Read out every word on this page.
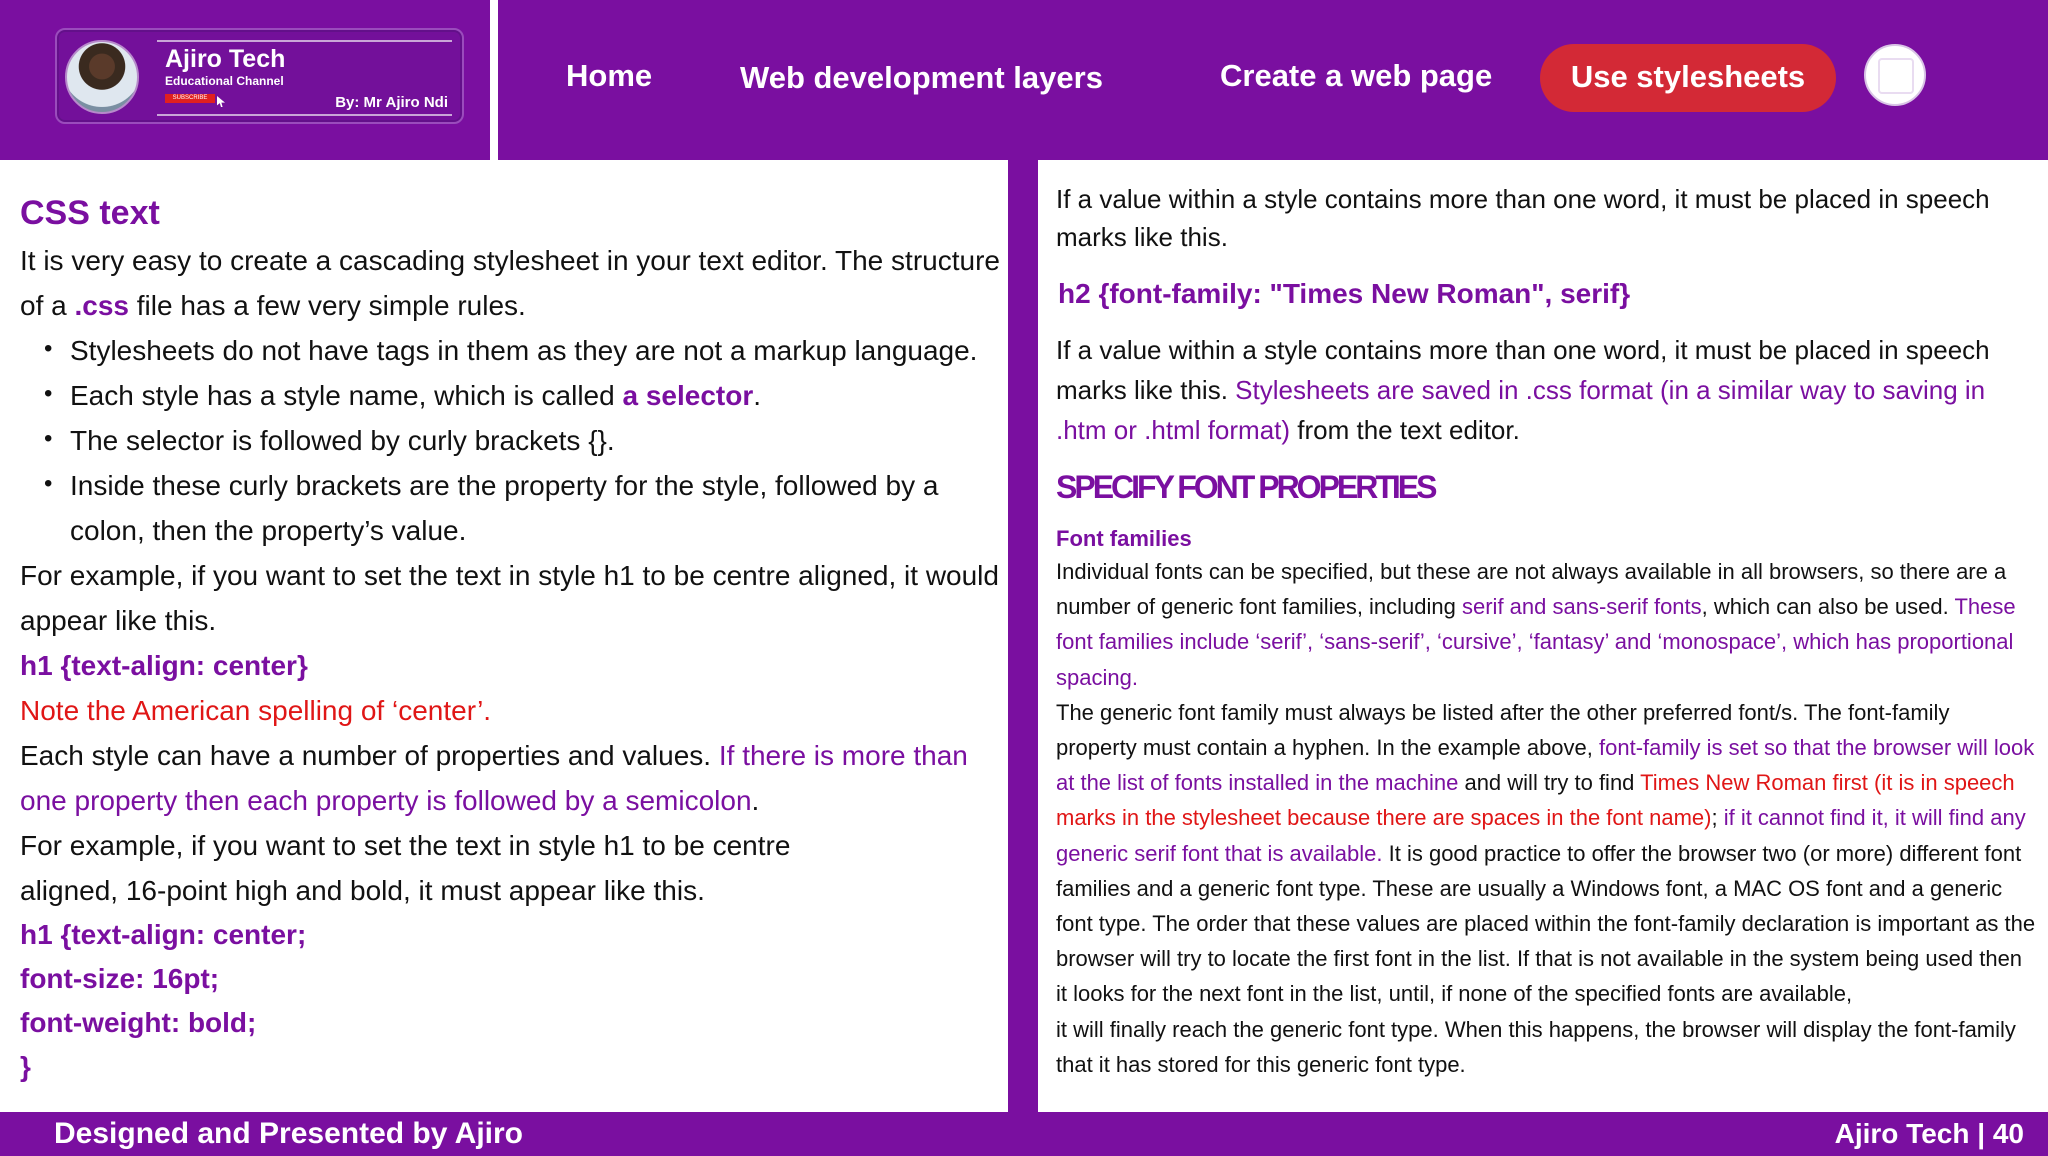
Ajiro Tech
Educational Channel
SUBSCRIBE	By: Mr Ajiro Ndi
Home	Web development layers	Create a web page	Use stylesheets
CSS text

It is very easy to create a cascading stylesheet in your text editor. The structure of a .css file has a few very simple rules.

• Stylesheets do not have tags in them as they are not a markup language.
• Each style has a style name, which is called a selector.
• The selector is followed by curly brackets {}.
• Inside these curly brackets are the property for the style, followed by a colon, then the property’s value.

For example, if you want to set the text in style h1 to be centre aligned, it would appear like this.

h1 {text-align: center}

Note the American spelling of ‘center’.

Each style can have a number of properties and values. If there is more than one property then each property is followed by a semicolon.

For example, if you want to set the text in style h1 to be centre

aligned, 16-point high and bold, it must appear like this.

h1 {text-align: center;

font-size: 16pt;

font-weight: bold;

}

If a value within a style contains more than one word, it must be placed in speech marks like this.

h2 {font-family: "Times New Roman", serif}

If a value within a style contains more than one word, it must be placed in speech marks like this. Stylesheets are saved in .css format (in a similar way to saving in .htm or .html format) from the text editor.

SPECIFY FONT PROPERTIES

Font families

Individual fonts can be specified, but these are not always available in all browsers, so there are a number of generic font families, including serif and sans-serif fonts, which can also be used. These font families include ‘serif’, ‘sans-serif’, ‘cursive’, ‘fantasy’ and ‘monospace’, which has proportional spacing.

The generic font family must always be listed after the other preferred font/s. The font-family property must contain a hyphen. In the example above, font-family is set so that the browser will look at the list of fonts installed in the machine and will try to find Times New Roman first (it is in speech marks in the stylesheet because there are spaces in the font name); if it cannot find it, it will find any generic serif font that is available. It is good practice to offer the browser two (or more) different font families and a generic font type. These are usually a Windows font, a MAC OS font and a generic font type. The order that these values are placed within the font-family declaration is important as the browser will try to locate the first font in the list. If that is not available in the system being used then it looks for the next font in the list, until, if none of the specified fonts are available,

it will finally reach the generic font type. When this happens, the browser will display the font-family that it has stored for this generic font type.

Designed and Presented by Ajiro	Ajiro Tech | 40
